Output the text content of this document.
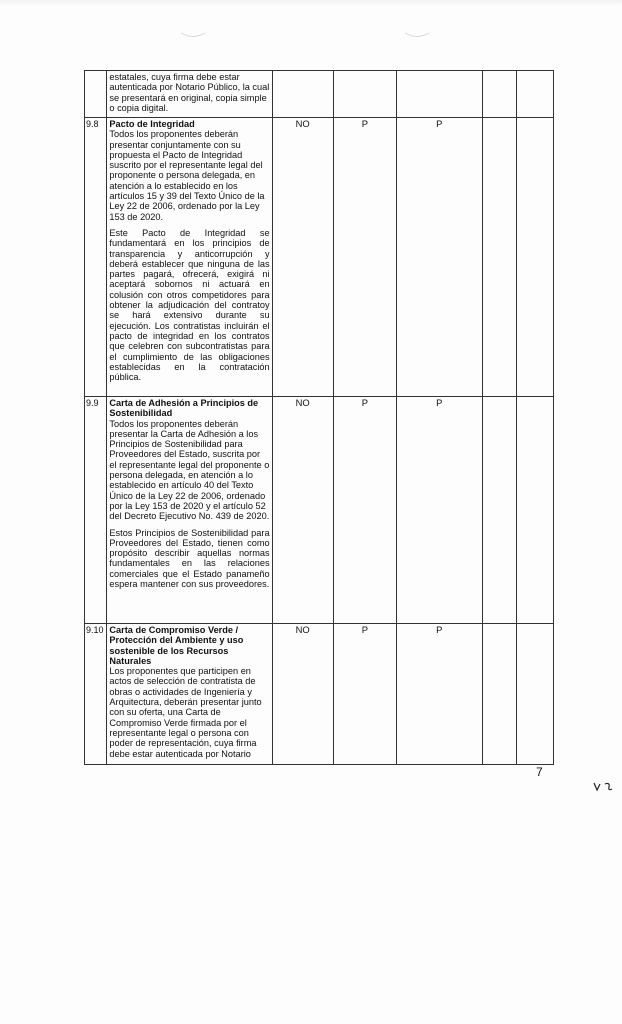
	estatales, cuya firma debe estar autenticada por Notario Público, la cual se presentará en original, copia simple o copia digital.					

9.8	Pacto de Integridad
Todos los proponentes deberán presentar conjuntamente con su propuesta el Pacto de Integridad suscrito por el representante legal del proponente o persona delegada, en atención a lo establecido en los artículos 15 y 39 del Texto Único de la Ley 22 de 2006, ordenado por la Ley 153 de 2020.
Este Pacto de Integridad se fundamentará en los principios de transparencia y anticorrupción y deberá establecer que ninguna de las partes pagará, ofrecerá, exigirá ni aceptará sobornos ni actuará en colusión con otros competidores para obtener la adjudicación del contratoy se hará extensivo durante su ejecución. Los contratistas incluirán el pacto de integridad en los contratos que celebren con subcontratistas para el cumplimiento de las obligaciones establecidas en la contratación pública.	NO	P	P		
9.9	Carta de Adhesión a Principios de Sostenibilidad
Todos los proponentes deberán presentar la Carta de Adhesión a los Principios de Sostenibilidad para Proveedores del Estado, suscrita por el representante legal del proponente o persona delegada, en atención a lo establecido en artículo 40 del Texto Único de la Ley 22 de 2006, ordenado por la Ley 153 de 2020 y el artículo 52 del Decreto Ejecutivo No. 439 de 2020.
Estos Principios de Sostenibilidad para Proveedores del Estado, tienen como propósito describir aquellas normas fundamentales en las relaciones comerciales que el Estado panameño espera mantener con sus proveedores.	NO	P	P		
9.10	Carta de Compromiso Verde / Protección del Ambiente y uso sostenible de los Recursos Naturales
Los proponentes que participen en actos de selección de contratista de obras o actividades de Ingeniería y Arquitectura, deberán presentar junto con su oferta, una Carta de Compromiso Verde firmada por el representante legal o persona con poder de representación, cuya firma debe estar autenticada por Notario	NO	P	P		
7
